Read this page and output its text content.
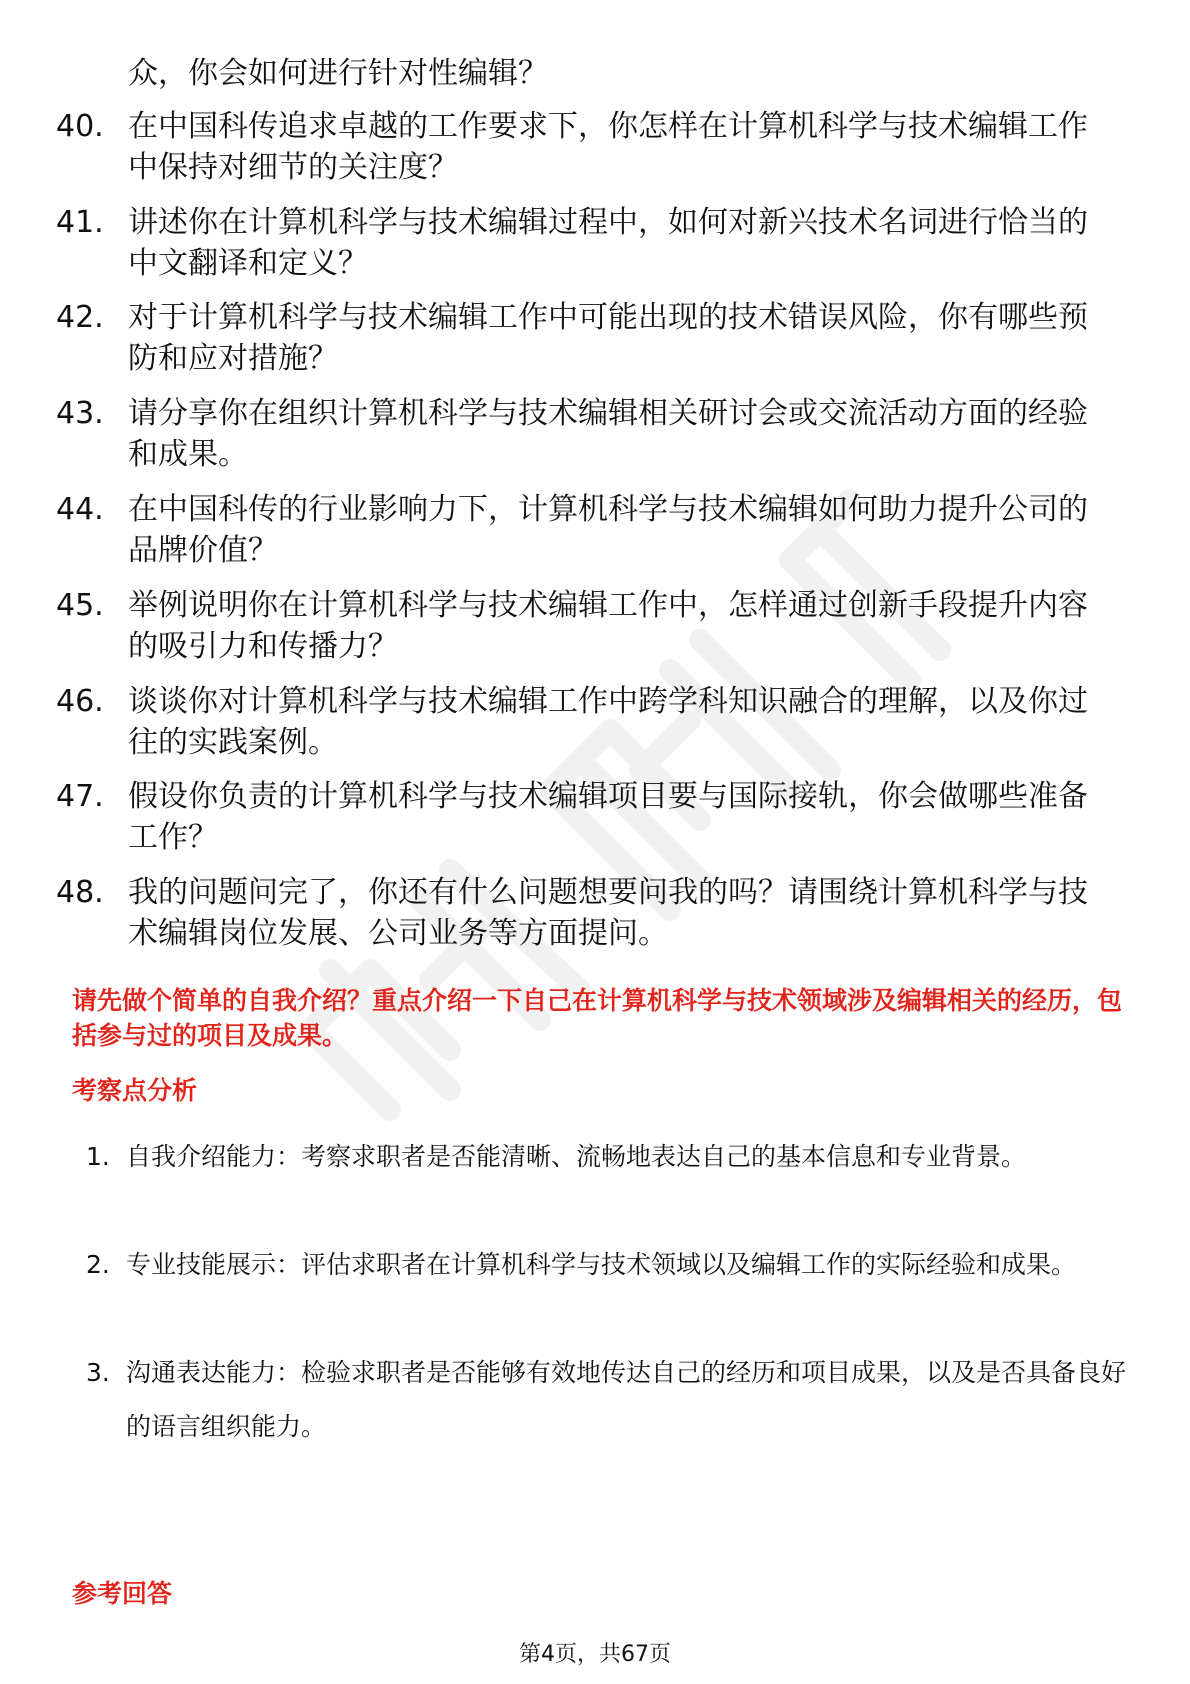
众，你会如何进行针对性编辑？
40. 在中国科传追求卓越的工作要求下，你怎样在计算机科学与技术编辑工作中保持对细节的关注度？
41. 讲述你在计算机科学与技术编辑过程中，如何对新兴技术名词进行恰当的中文翻译和定义？
42. 对于计算机科学与技术编辑工作中可能出现的技术错误风险，你有哪些预防和应对措施？
43. 请分享你在组织计算机科学与技术编辑相关研讨会或交流活动方面的经验和成果。
44. 在中国科传的行业影响力下，计算机科学与技术编辑如何助力提升公司的品牌价值？
45. 举例说明你在计算机科学与技术编辑工作中，怎样通过创新手段提升内容的吸引力和传播力？
46. 谈谈你对计算机科学与技术编辑工作中跨学科知识融合的理解，以及你过往的实践案例。
47. 假设你负责的计算机科学与技术编辑项目要与国际接轨，你会做哪些准备工作？
48. 我的问题问完了，你还有什么问题想要问我的吗？请围绕计算机科学与技术编辑岗位发展、公司业务等方面提问。
请先做个简单的自我介绍？重点介绍一下自己在计算机科学与技术领域涉及编辑相关的经历，包括参与过的项目及成果。
考察点分析
1. 自我介绍能力：考察求职者是否能清晰、流畅地表达自己的基本信息和专业背景。
2. 专业技能展示：评估求职者在计算机科学与技术领域以及编辑工作的实际经验和成果。
3. 沟通表达能力：检验求职者是否能够有效地传达自己的经历和项目成果，以及是否具备良好的语言组织能力。
参考回答
第4页，共67页
